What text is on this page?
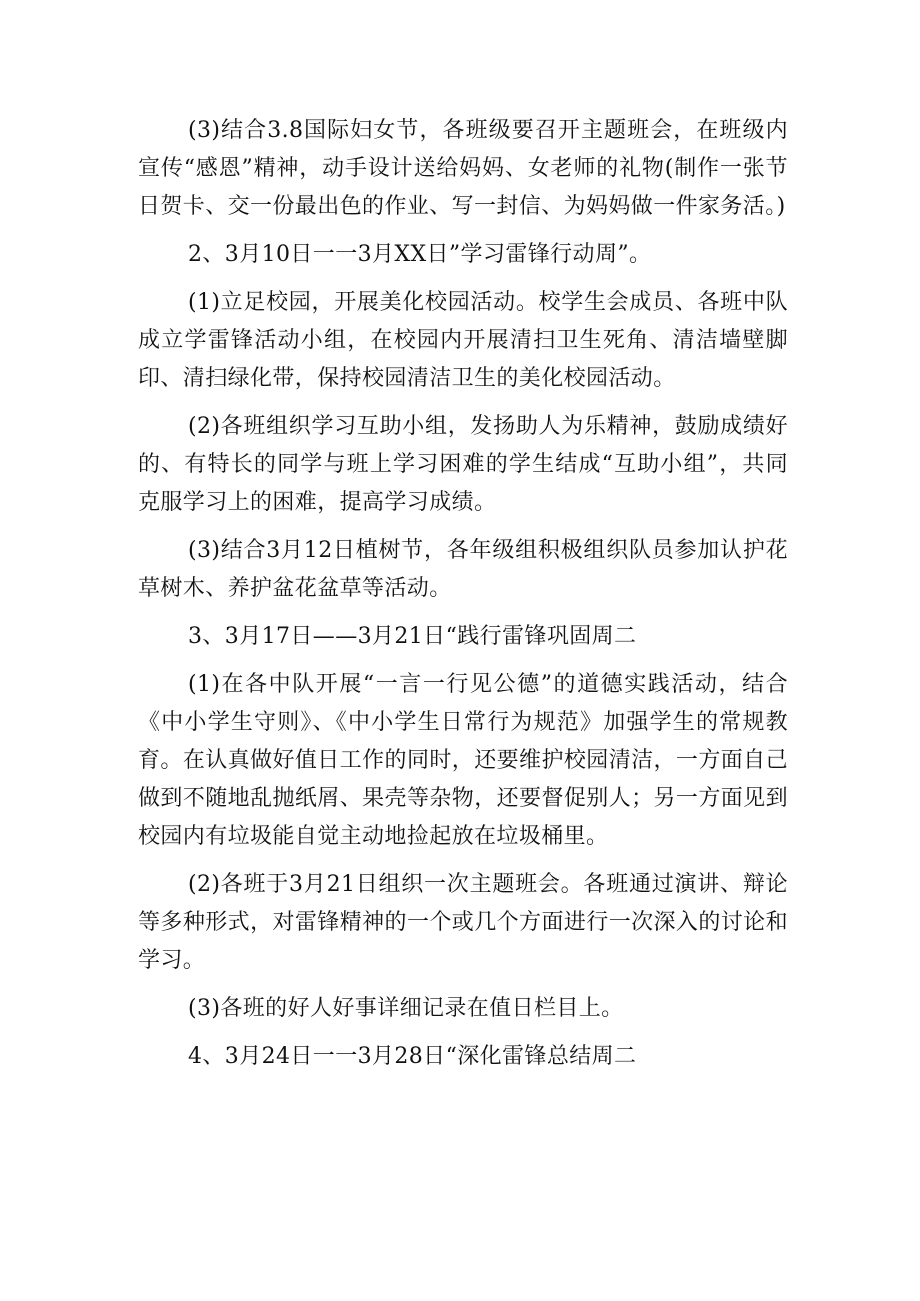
(3)结合3.8国际妇女节，各班级要召开主题班会，在班级内宣传“感恩”精神，动手设计送给妈妈、女老师的礼物(制作一张节日贺卡、交一份最出色的作业、写一封信、为妈妈做一件家务活。)

2、3月10日一一3月XX日”学习雷锋行动周”。

(1)立足校园，开展美化校园活动。校学生会成员、各班中队成立学雷锋活动小组，在校园内开展清扫卫生死角、清洁墙壁脚印、清扫绿化带，保持校园清洁卫生的美化校园活动。

(2)各班组织学习互助小组，发扬助人为乐精神，鼓励成绩好的、有特长的同学与班上学习困难的学生结成“互助小组”，共同克服学习上的困难，提高学习成绩。

(3)结合3月12日植树节，各年级组积极组织队员参加认护花草树木、养护盆花盆草等活动。

3、3月17日——3月21日“践行雷锋巩固周二

(1)在各中队开展“一言一行见公德”的道德实践活动，结合《中小学生守则》、《中小学生日常行为规范》加强学生的常规教育。在认真做好值日工作的同时，还要维护校园清洁，一方面自己做到不随地乱抛纸屑、果壳等杂物，还要督促别人；另一方面见到校园内有垃圾能自觉主动地捡起放在垃圾桶里。

(2)各班于3月21日组织一次主题班会。各班通过演讲、辩论等多种形式，对雷锋精神的一个或几个方面进行一次深入的讨论和学习。

(3)各班的好人好事详细记录在值日栏目上。

4、3月24日一一3月28日“深化雷锋总结周二
